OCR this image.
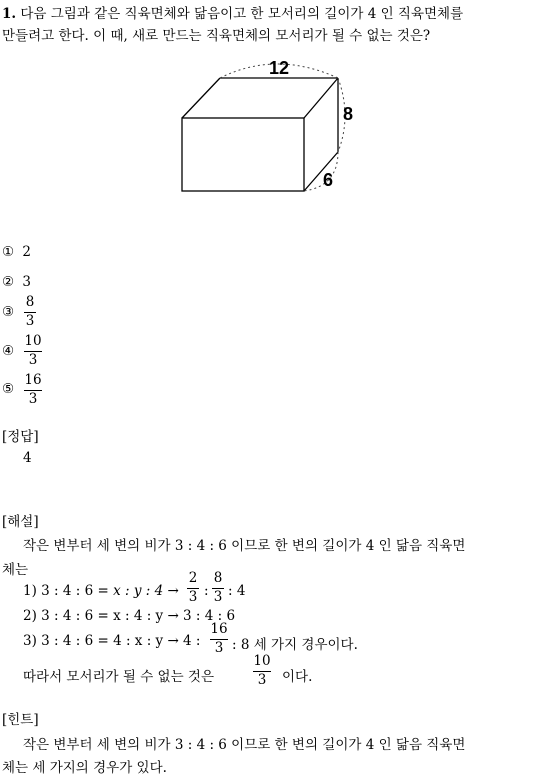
1. 다음 그림과 같은 직육면체와 닮음이고 한 모서리의 길이가 4 인 직육면체를
만들려고 한다. 이 때, 새로 만드는 직육면체의 모서리가 될 수 없는 것은?
12
8
6
① 2
② 3
③
8
3
④
10
3
⑤
16
3
[정답]
4
[해설]
작은 변부터 세 변의 비가 3 : 4 : 6 이므로 한 변의 길이가 4 인 닮음 직육면
체는
1) 3 : 4 : 6 = x : y : 4 →
2
3 :
8
3 : 4
2) 3 : 4 : 6 = x : 4 : y → 3 : 4 : 6
3) 3 : 4 : 6 = 4 : x : y → 4 :
16
3 : 8 세 가지 경우이다.
따라서 모서리가 될 수 없는 것은
10
3	이다.
[힌트]
작은 변부터 세 변의 비가 3 : 4 : 6 이므로 한 변의 길이가 4 인 닮음 직육면
체는 세 가지의 경우가 있다.
